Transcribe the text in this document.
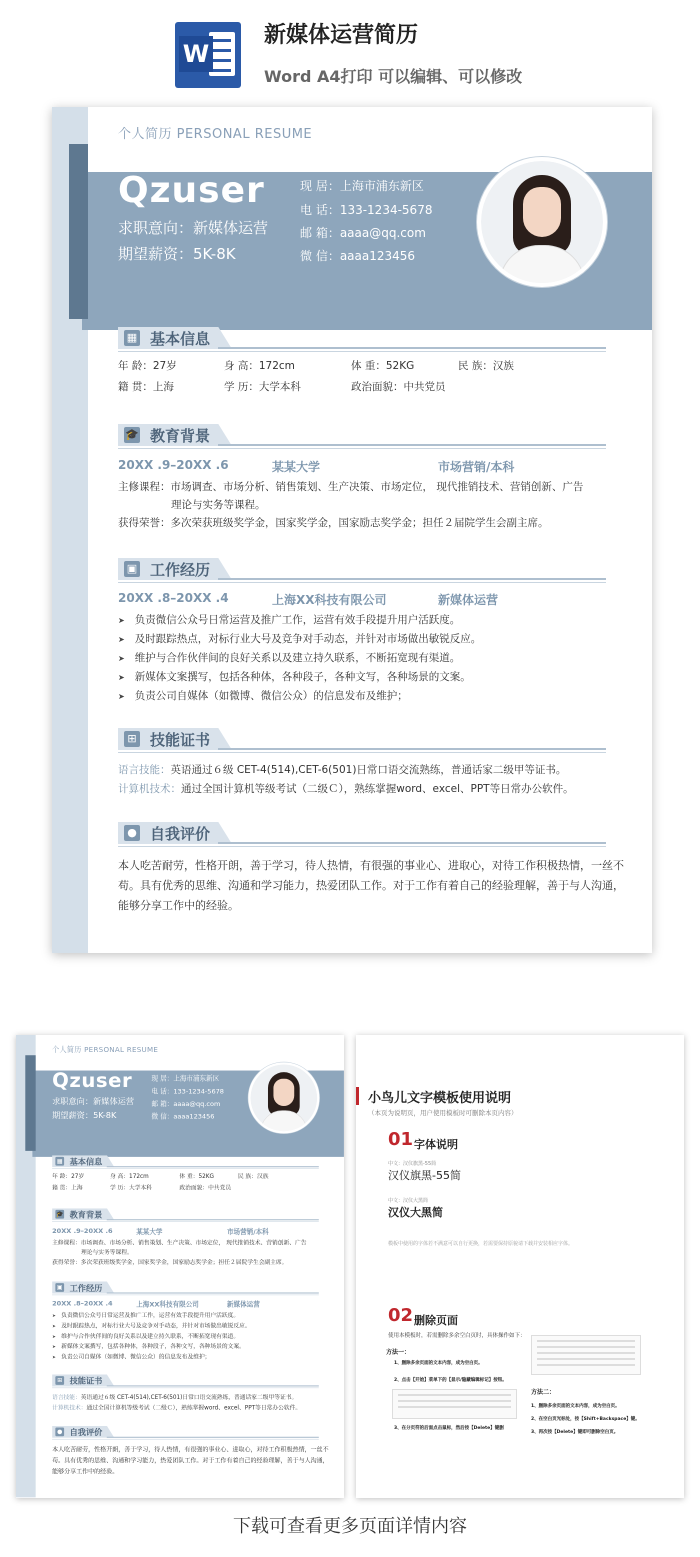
W
新媒体运营简历
Word A4打印 可以编辑、可以修改
个人简历 PERSONAL RESUME
Qzuser
求职意向：新媒体运营
期望薪资：5K-8K
现 居：上海市浦东新区
电 话：133-1234-5678
邮 箱：aaaa@qq.com
微 信：aaaa123456
▦ 基本信息
年 龄：27岁	身 高：172cm	体 重：52KG	民 族：汉族
籍 贯：上海	学 历：大学本科	政治面貌：中共党员
🎓 教育背景
20XX .9–20XX .6	某某大学	市场营销/本科
主修课程：市场调查、市场分析、销售策划、生产决策、市场定位， 现代推销技术、营销创新、广告
理论与实务等课程。
获得荣誉：多次荣获班级奖学金，国家奖学金，国家励志奖学金；担任２届院学生会副主席。
▣ 工作经历
20XX .8–20XX .4	上海XX科技有限公司	新媒体运营
➤ 负责微信公众号日常运营及推广工作，运营有效手段提升用户活跃度。
➤ 及时跟踪热点，对标行业大号及竞争对手动态，并针对市场做出敏锐反应。
➤ 维护与合作伙伴间的良好关系以及建立持久联系，不断拓宽现有渠道。
➤ 新媒体文案撰写，包括各种体，各种段子，各种文写，各种场景的文案。
➤ 负责公司自媒体（如微博、微信公众）的信息发布及维护；
⊞ 技能证书
语言技能：英语通过６级 CET-4(514),CET-6(501)日常口语交流熟练，普通话家二级甲等证书。
计算机技术：通过全国计算机等级考试（二级Ｃ），熟练掌握word、excel、PPT等日常办公软件。
● 自我评价
本人吃苦耐劳，性格开朗，善于学习，待人热情，有很强的事业心、进取心，对待工作积极热情，一丝不
苟。具有优秀的思维、沟通和学习能力，热爱团队工作。对于工作有着自己的经验理解，善于与人沟通，
能够分享工作中的经验。
个人简历 PERSONAL RESUME
Qzuser
求职意向：新媒体运营
期望薪资：5K-8K
现 居：上海市浦东新区
电 话：133-1234-5678
邮 箱：aaaa@qq.com
微 信：aaaa123456
▦ 基本信息
年 龄：27岁 身 高：172cm	体 重：52KG 民 族：汉族
籍 贯：上海	学 历：大学本科	政治面貌：中共党员
🎓 教育背景
20XX .9–20XX .6 某某大学	市场营销/本科
主修课程：市场调查、市场分析、销售策划、生产决策、市场定位， 现代推销技术、营销创新、广告
理论与实务等课程。
获得荣誉：多次荣获班级奖学金，国家奖学金，国家励志奖学金；担任２届院学生会副主席。
▣ 工作经历
20XX .8–20XX .4 上海XX科技有限公司 新媒体运营
➤ 负责微信公众号日常运营及推广工作，运营有效手段提升用户活跃度。
➤ 及时跟踪热点，对标行业大号及竞争对手动态，并针对市场做出敏锐反应。
➤ 维护与合作伙伴间的良好关系以及建立持久联系，不断拓宽现有渠道。
➤ 新媒体文案撰写，包括各种体，各种段子，各种文写，各种场景的文案。
➤ 负责公司自媒体（如微博、微信公众）的信息发布及维护；
⊞ 技能证书
语言技能：英语通过６级 CET-4(514),CET-6(501)日常口语交流熟练，普通话家二级甲等证书。
计算机技术：通过全国计算机等级考试（二级Ｃ），熟练掌握word、excel、PPT等日常办公软件。
● 自我评价
本人吃苦耐劳，性格开朗，善于学习，待人热情，有很强的事业心、进取心，对待工作积极热情，一丝不
苟。具有优秀的思维、沟通和学习能力，热爱团队工作。对于工作有着自己的经验理解，善于与人沟通，
能够分享工作中的经验。
小鸟儿文字模板使用说明
（本页为说明页，用户使用模板时可删除本页内容）
01 字体说明
中文：汉仪旗黑-55简
汉仪旗黑-55简
中文：汉仪大黑简
汉仪大黑简
模板中使用的字体若不满意可以自行更换，若需要保持原貌请下载并安装相应字体。
02 删除页面
使用本模板时，若需删除多余空白页时，具体操作如下：
方法一：
1、删除多余页面的文本内容，成为空白页。
2、点击【开始】菜单下的【显示/隐藏编辑标记】按钮。
3、在分页符的后面点击鼠标，然后按【Delete】键删
方法二：
1、删除多余页面的文本内容，成为空白页。
2、在空白页光标处，按【Shift+Backspace】键。
3、再次按【Delete】键即可删除空白页。
下载可查看更多页面详情内容
